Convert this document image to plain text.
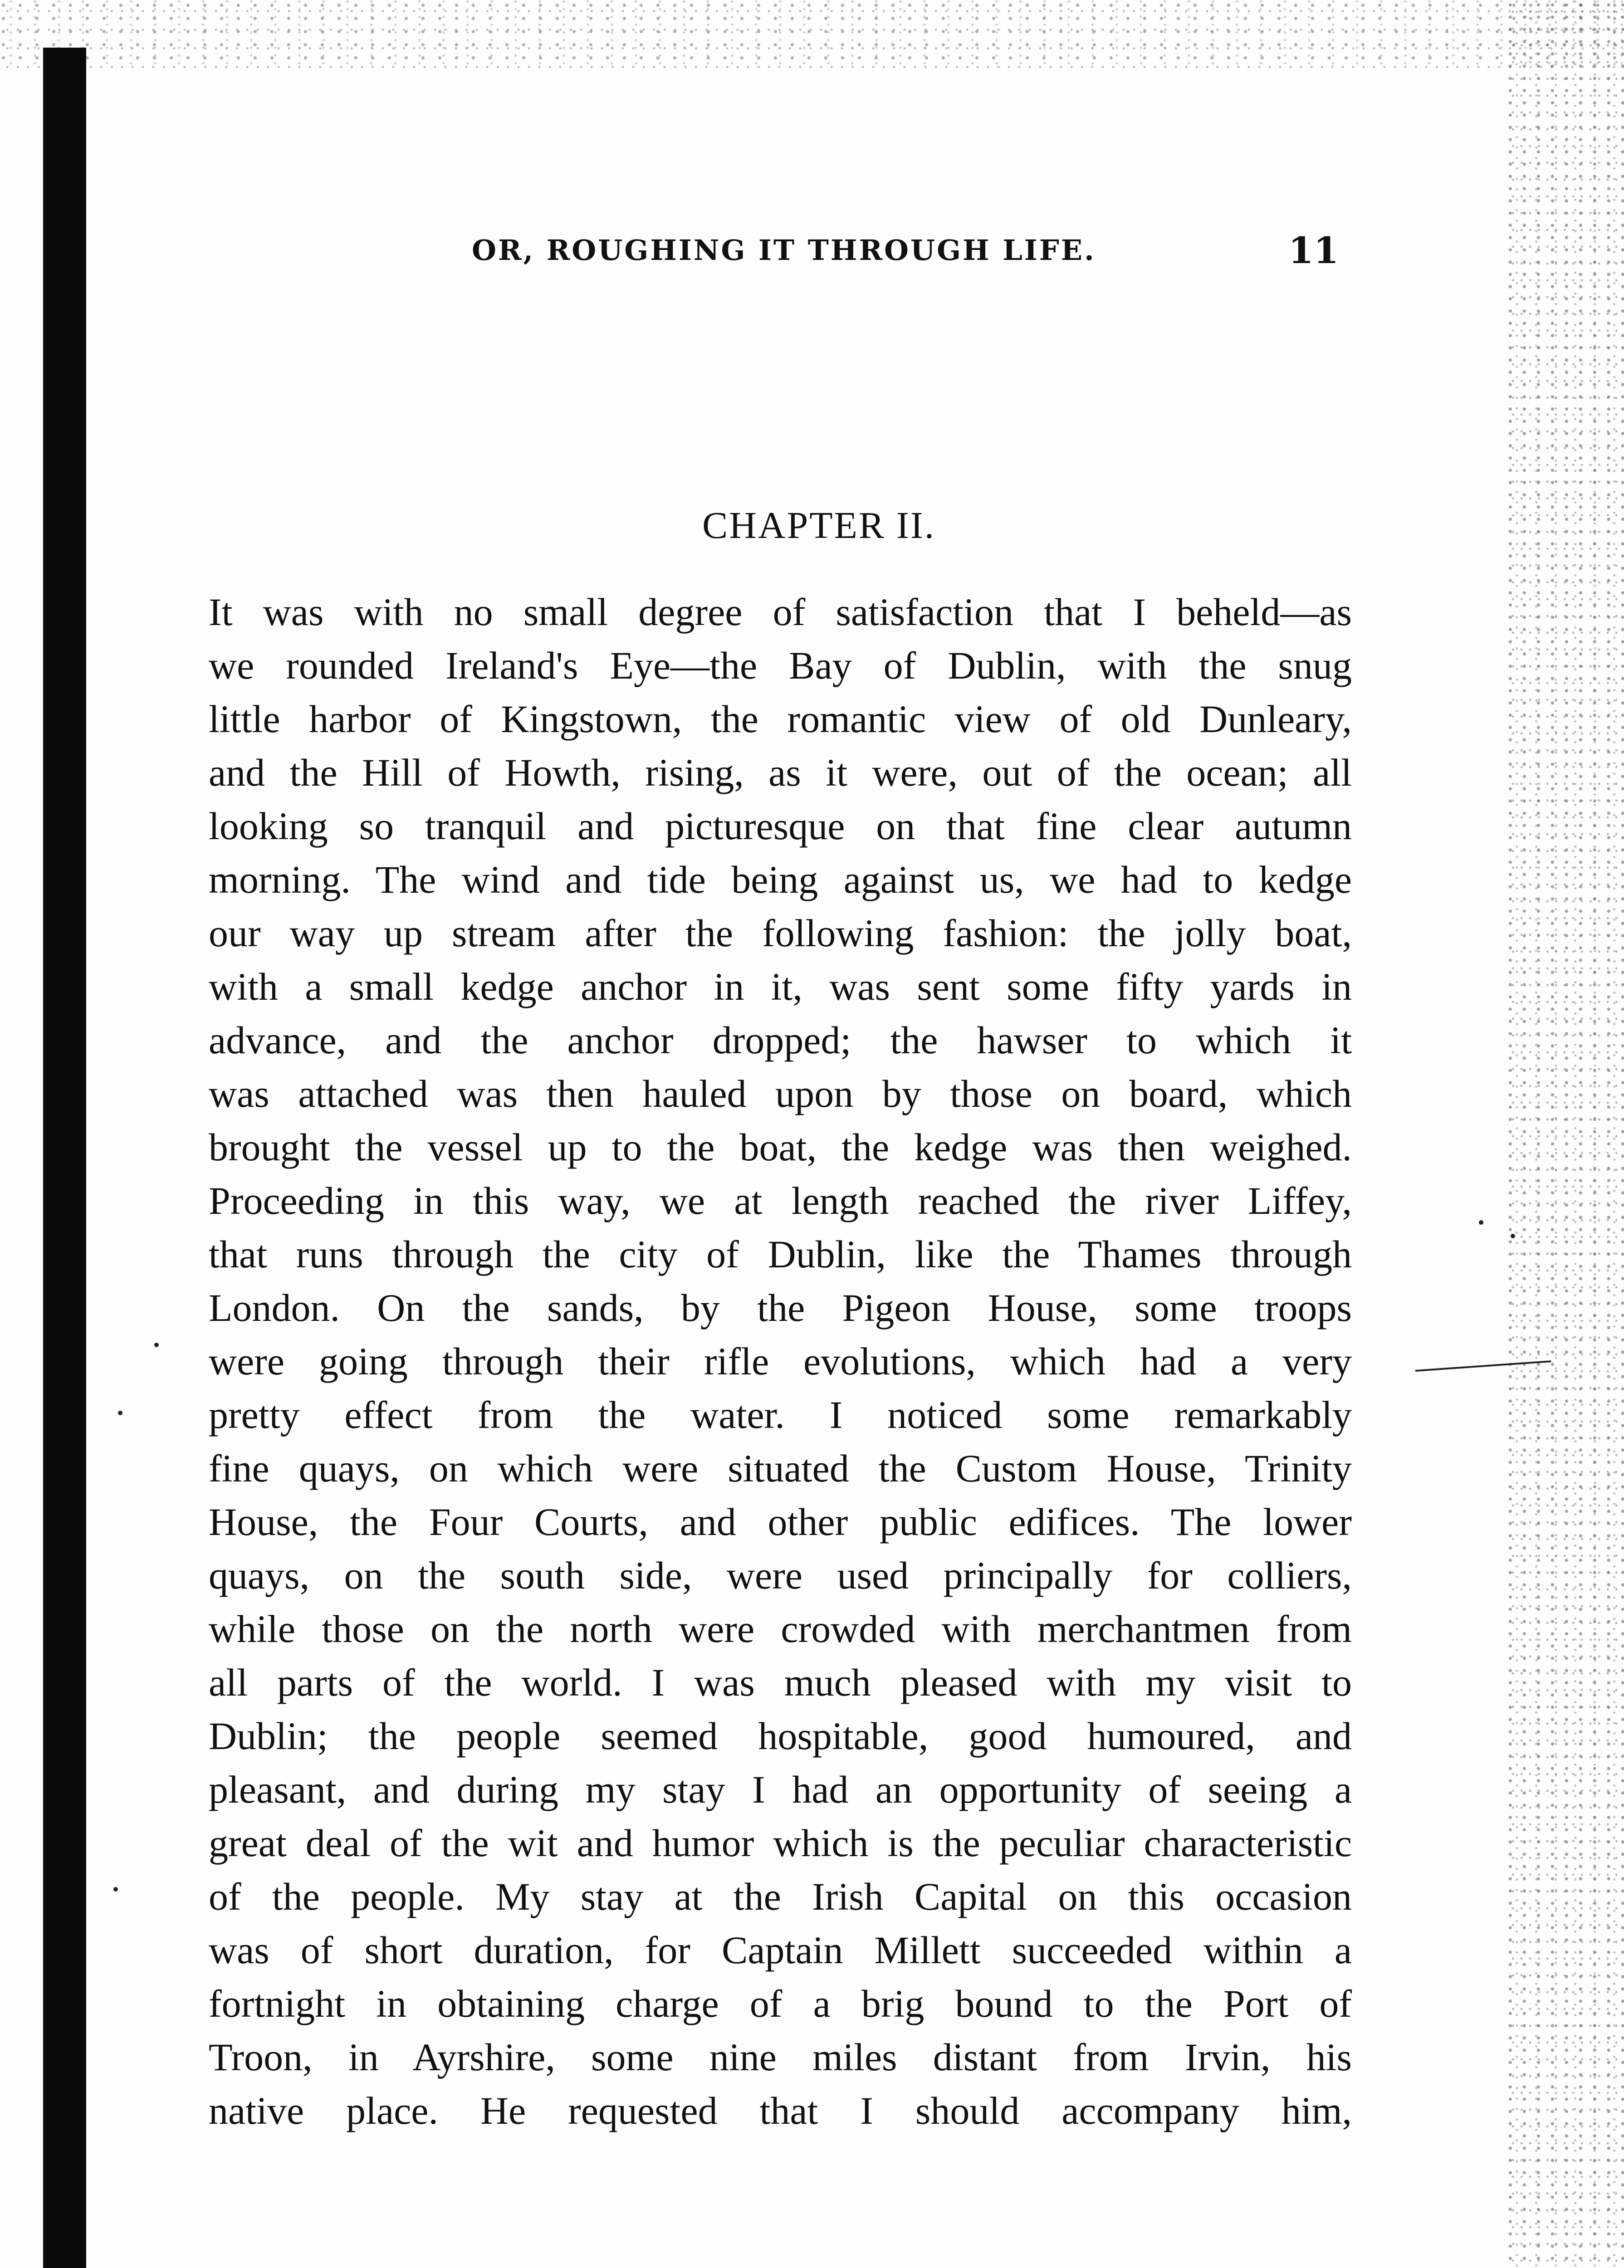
OR, ROUGHING IT THROUGH LIFE.	11
CHAPTER II.
It was with no small degree of satisfaction that I beheld—as
we rounded Ireland's Eye—the Bay of Dublin, with the snug
little harbor of Kingstown, the romantic view of old Dunleary,
and the Hill of Howth, rising, as it were, out of the ocean; all
looking so tranquil and picturesque on that fine clear autumn
morning. The wind and tide being against us, we had to kedge
our way up stream after the following fashion: the jolly boat,
with a small kedge anchor in it, was sent some fifty yards in
advance, and the anchor dropped; the hawser to which it
was attached was then hauled upon by those on board, which
brought the vessel up to the boat, the kedge was then weighed.
Proceeding in this way, we at length reached the river Liffey,
that runs through the city of Dublin, like the Thames through
London. On the sands, by the Pigeon House, some troops
were going through their rifle evolutions, which had a very
pretty effect from the water. I noticed some remarkably
fine quays, on which were situated the Custom House, Trinity
House, the Four Courts, and other public edifices. The lower
quays, on the south side, were used principally for colliers,
while those on the north were crowded with merchantmen from
all parts of the world. I was much pleased with my visit to
Dublin; the people seemed hospitable, good humoured, and
pleasant, and during my stay I had an opportunity of seeing a
great deal of the wit and humor which is the peculiar characteristic
of the people. My stay at the Irish Capital on this occasion
was of short duration, for Captain Millett succeeded within a
fortnight in obtaining charge of a brig bound to the Port of
Troon, in Ayrshire, some nine miles distant from Irvin, his
native place. He requested that I should accompany him,
